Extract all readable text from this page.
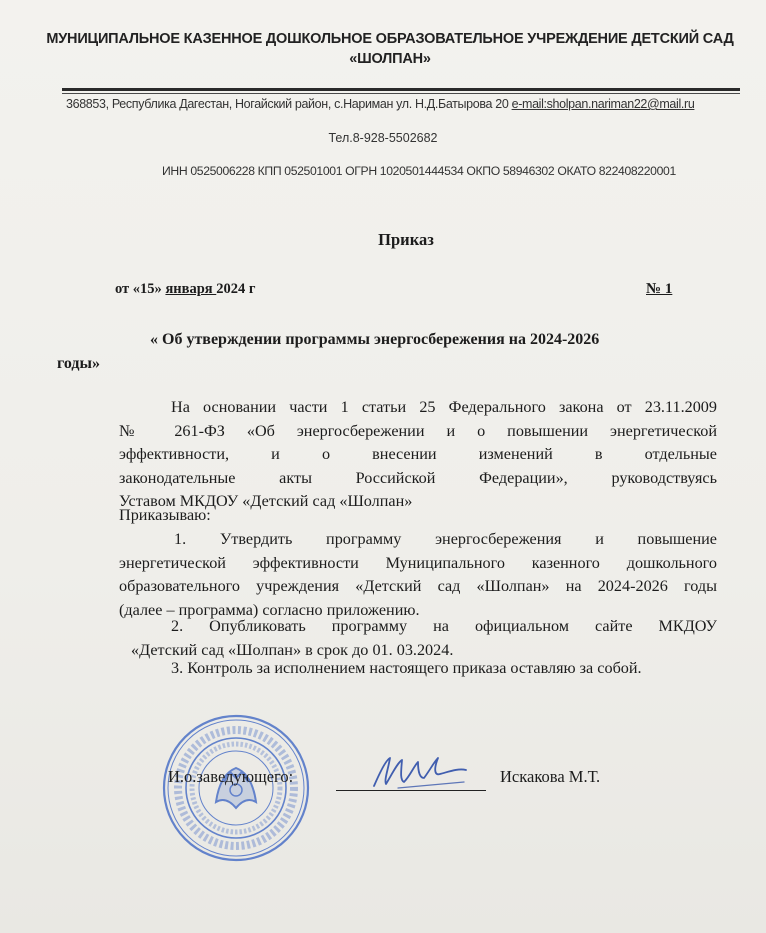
МУНИЦИПАЛЬНОЕ КАЗЕННОЕ ДОШКОЛЬНОЕ ОБРАЗОВАТЕЛЬНОЕ УЧРЕЖДЕНИЕ ДЕТСКИЙ САД
«ШОЛПАН»
368853, Республика Дагестан, Ногайский район, с.Нариман ул. Н.Д.Батырова 20 e-mail:sholpan.nariman22@mail.ru
Тел.8-928-5502682
ИНН 0525006228 КПП 052501001 ОГРН 1020501444534 ОКПО 58946302 ОКАТО 822408220001
Приказ
от «15» января 2024 г	№ 1
« Об утверждении программы энергосбережения на 2024-2026
годы»
На основании части 1 статьи 25 Федерального закона от 23.11.2009
№ 261-ФЗ «Об энергосбережении и о повышении энергетической
эффективности, и о внесении изменений в отдельные
законодательные акты Российской Федерации», руководствуясь
Уставом МКДОУ «Детский сад «Шолпан»
Приказываю:
1. Утвердить программу энергосбережения и повышение
энергетической эффективности Муниципального казенного дошкольного
образовательного учреждения «Детский сад «Шолпан» на 2024-2026 годы
(далее – программа) согласно приложению.
2. Опубликовать программу на официальном сайте МКДОУ
«Детский сад «Шолпан» в срок до 01. 03.2024.
3. Контроль за исполнением настоящего приказа оставляю за собой.
И.о.заведующего:	Искакова М.Т.
